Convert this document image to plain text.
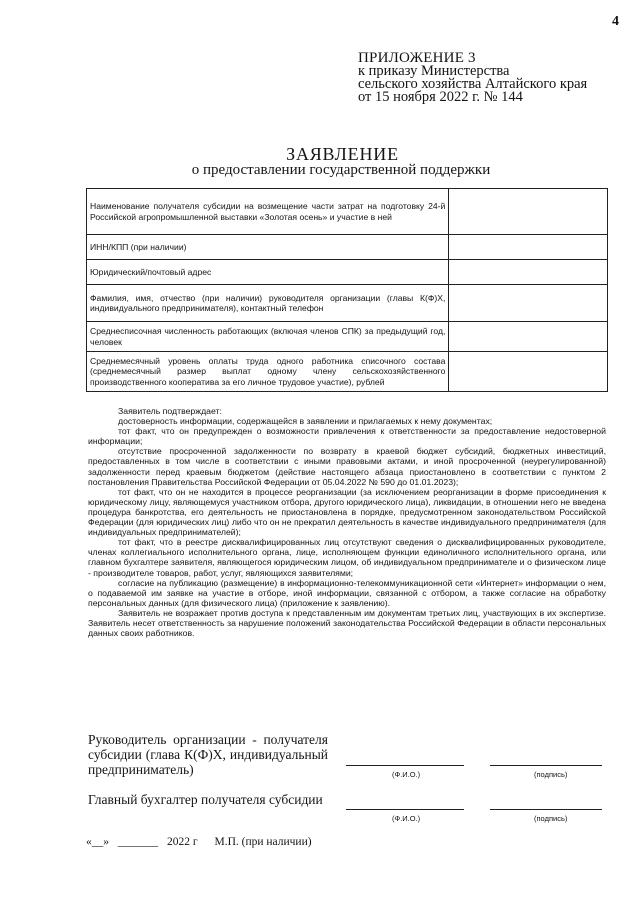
4
ПРИЛОЖЕНИЕ 3
к приказу Министерства
сельского хозяйства Алтайского края
от 15 ноября 2022 г. № 144
ЗАЯВЛЕНИЕ
о предоставлении государственной поддержки
Наименование получателя субсидии на возмещение части затрат на подготовку 24-й Российской агропромышленной выставки «Золотая осень» и участие в ней	
ИНН/КПП (при наличии)	
Юридический/почтовый адрес	
Фамилия, имя, отчество (при наличии) руководителя организации (главы К(Ф)Х, индивидуального предпринимателя), контактный телефон	
Среднесписочная численность работающих (включая членов СПК) за предыдущий год, человек	
Среднемесячный уровень оплаты труда одного работника списочного состава (среднемесячный размер выплат одному члену сельскохозяйственного производственного кооператива за его личное трудовое участие), рублей	

Заявитель подтверждает:

достоверность информации, содержащейся в заявлении и прилагаемых к нему документах;

тот факт, что он предупрежден о возможности привлечения к ответственности за предоставление недостоверной информации;

отсутствие просроченной задолженности по возврату в краевой бюджет субсидий, бюджетных инвестиций, предоставленных в том числе в соответствии с иными правовыми актами, и иной просроченной (неурегулированной) задолженности перед краевым бюджетом (действие настоящего абзаца приостановлено в соответствии с пунктом 2 постановления Правительства Российской Федерации от 05.04.2022 № 590 до 01.01.2023);

тот факт, что он не находится в процессе реорганизации (за исключением реорганизации в форме присоединения к юридическому лицу, являющемуся участником отбора, другого юридического лица), ликвидации, в отношении него не введена процедура банкротства, его деятельность не приостановлена в порядке, предусмотренном законодательством Российской Федерации (для юридических лиц) либо что он не прекратил деятельность в качестве индивидуального предпринимателя (для индивидуальных предпринимателей);

тот факт, что в реестре дисквалифицированных лиц отсутствуют сведения о дисквалифицированных руководителе, членах коллегиального исполнительного органа, лице, исполняющем функции единоличного исполнительного органа, или главном бухгалтере заявителя, являющегося юридическим лицом, об индивидуальном предпринимателе и о физическом лице - производителе товаров, работ, услуг, являющихся заявителями;

согласие на публикацию (размещение) в информационно-телекоммуникационной сети «Интернет» информации о нем, о подаваемой им заявке на участие в отборе, иной информации, связанной с отбором, а также согласие на обработку персональных данных (для физического лица) (приложение к заявлению).

Заявитель не возражает против доступа к представленным им документам третьих лиц, участвующих в их экспертизе. Заявитель несет ответственность за нарушение положений законодательства Российской Федерации в области персональных данных своих работников.

Руководитель организации - получателя субсидии (глава К(Ф)Х, индивидуальный предприниматель)
Главный бухгалтер получателя субсидии
(Ф.И.О.)	(подпись)
(Ф.И.О.)	(подпись)
«__» _______ 2022 г М.П. (при наличии)
